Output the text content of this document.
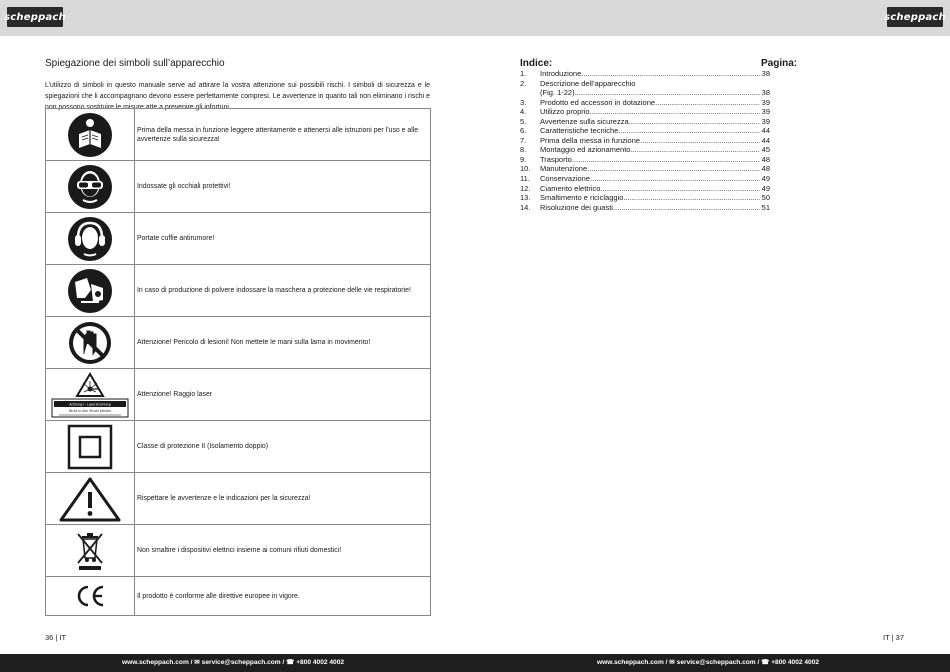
scheppach	scheppach
Spiegazione dei simboli sull’apparecchio

L’utilizzo di simboli in questo manuale serve ad attirare la vostra attenzione sui possibili rischi. I simboli di sicurezza e le spiegazioni che li accompagnano devono essere perfettamente compresi. Le avvertenze in quanto tali non eliminano i rischi e non possono sostituire le misure atte a prevenire gli infortuni.

	Prima della messa in funzione leggere attentamente e attenersi alle istruzioni per l’uso e alle avvertenze sulla sicurezza!

	Indossate gli occhiali protettivi!

	Portate cuffie antirumore!

	In caso di produzione di polvere indossare la maschera a protezione delle vie respiratorie!

	Attenzione! Pericolo di lesioni! Non mettete le mani sulla lama in movimento!

Achtung! - Laserstrahlung
Nicht in den Strahl blicken	Attenzione! Raggio laser

	Classe di protezione II (Isolamento doppio)

	Rispettare le avvertenze e le indicazioni per la sicurezza!

	Non smaltire i dispositivi elettrici insieme ai comuni rifiuti domestici!

	Il prodotto è conforme alle direttive europee in vigore.
36 | IT
Indice:	Pagina:
1.	Introduzione .....	38
2.	Descrizione dell’apparecchio
(Fig. 1-22) .....	38
3.	Prodotto ed accessori in dotazione .....	39
4.	Utilizzo proprio .....	39
5.	Avvertenze sulla sicurezza .....	39
6.	Caratteristiche tecniche .....	44
7.	Prima della messa in funzione .....	44
8.	Montaggio ed azionamento .....	45
9.	Trasporto .....	48
10.	Manutenzione .....	48
11.	Conservazione .....	49
12.	Ciamento elettrico .....	49
13.	Smaltimento e riciclaggio .....	50
14.	Risoluzione dei guasti .....	51
IT | 37
www.scheppach.com / ✉ service@scheppach.com / ☎ +800 4002 4002	www.scheppach.com / ✉ service@scheppach.com / ☎ +800 4002 4002
